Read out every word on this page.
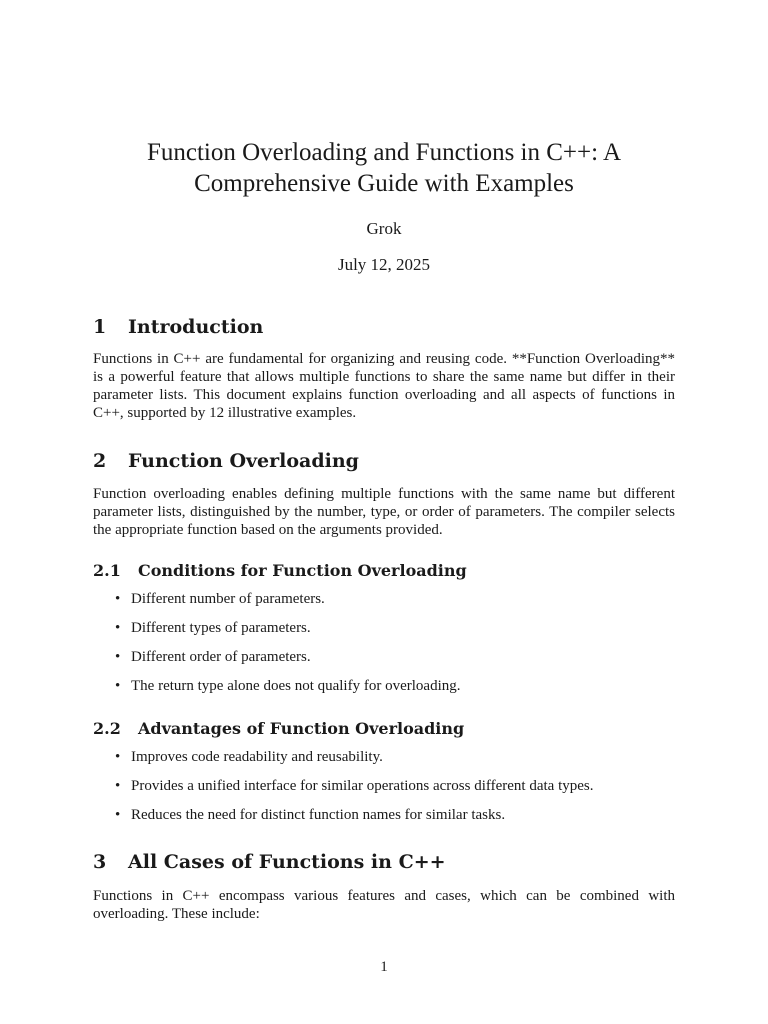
Function Overloading and Functions in C++: A Comprehensive Guide with Examples
Grok
July 12, 2025
1 Introduction

Functions in C++ are fundamental for organizing and reusing code. **Function Overloading** is a powerful feature that allows multiple functions to share the same name but differ in their parameter lists. This document explains function overloading and all aspects of functions in C++, supported by 12 illustrative examples.

2 Function Overloading

Function overloading enables defining multiple functions with the same name but different parameter lists, distinguished by the number, type, or order of parameters. The compiler selects the appropriate function based on the arguments provided.

2.1 Conditions for Function Overloading
• Different number of parameters.
• Different types of parameters.
• Different order of parameters.
• The return type alone does not qualify for overloading.
2.2 Advantages of Function Overloading
• Improves code readability and reusability.
• Provides a unified interface for similar operations across different data types.
• Reduces the need for distinct function names for similar tasks.
3 All Cases of Functions in C++

Functions in C++ encompass various features and cases, which can be combined with overloading. These include:

1
